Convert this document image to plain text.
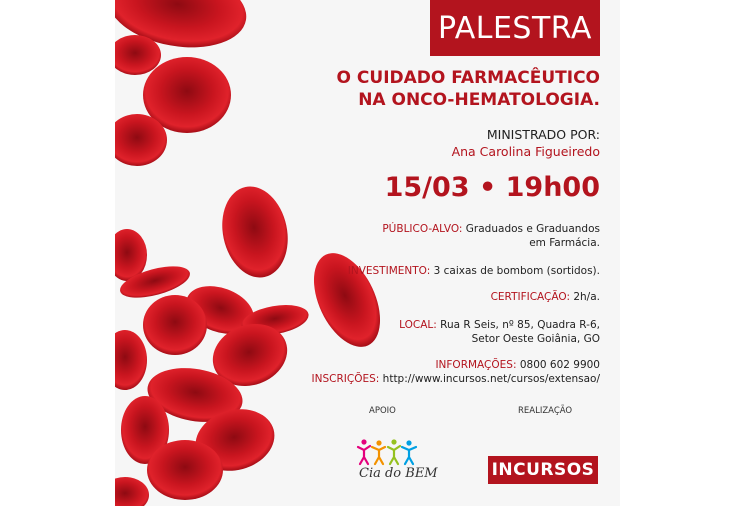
PALESTRA
O CUIDADO FARMACÊUTICO
NA ONCO-HEMATOLOGIA.
MINISTRADO POR:
Ana Carolina Figueiredo
15/03 • 19h00
PÚBLICO-ALVO: Graduados e Graduandos
em Farmácia.
INVESTIMENTO: 3 caixas de bombom (sortidos).
CERTIFICAÇÃO: 2h/a.
LOCAL: Rua R Seis, nº 85, Quadra R-6,
Setor Oeste Goiânia, GO
INFORMAÇÕES: 0800 602 9900
INSCRIÇÕES: http://www.incursos.net/cursos/extensao/
APOIO	REALIZAÇÃO
Cia do BEM	INCURSOS
